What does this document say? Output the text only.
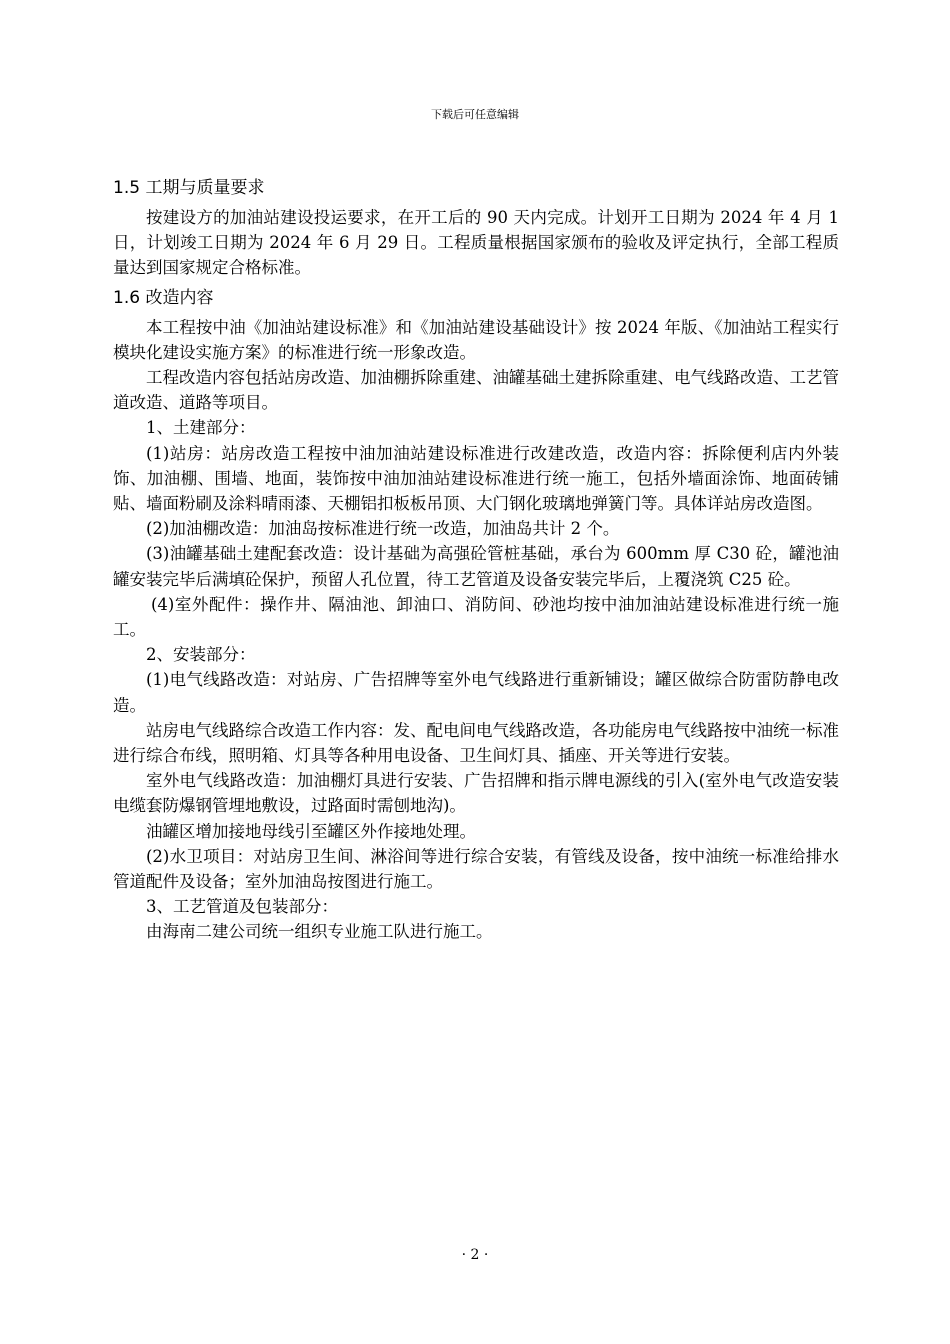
下载后可任意编辑
1.5 工期与质量要求

按建设方的加油站建设投运要求，在开工后的 90 天内完成。计划开工日期为 2024 年 4 月 1 日，计划竣工日期为 2024 年 6 月 29 日。工程质量根据国家颁布的验收及评定执行，全部工程质量达到国家规定合格标准。

1.6 改造内容

本工程按中油《加油站建设标准》和《加油站建设基础设计》按 2024 年版、《加油站工程实行模块化建设实施方案》的标准进行统一形象改造。

工程改造内容包括站房改造、加油棚拆除重建、油罐基础土建拆除重建、电气线路改造、工艺管道改造、道路等项目。

1、土建部分：

(1)站房：站房改造工程按中油加油站建设标准进行改建改造，改造内容：拆除便利店内外装饰、加油棚、围墙、地面，装饰按中油加油站建设标准进行统一施工，包括外墙面涂饰、地面砖铺贴、墙面粉刷及涂料晴雨漆、天棚铝扣板板吊顶、大门钢化玻璃地弹簧门等。具体详站房改造图。

(2)加油棚改造：加油岛按标准进行统一改造，加油岛共计 2 个。

(3)油罐基础土建配套改造：设计基础为高强砼管桩基础，承台为 600mm 厚 C30 砼，罐池油罐安装完毕后满填砼保护，预留人孔位置，待工艺管道及设备安装完毕后，上覆浇筑 C25 砼。

(4)室外配件：操作井、隔油池、卸油口、消防间、砂池均按中油加油站建设标准进行统一施工。

2、安装部分：

(1)电气线路改造：对站房、广告招牌等室外电气线路进行重新铺设；罐区做综合防雷防静电改造。

站房电气线路综合改造工作内容：发、配电间电气线路改造，各功能房电气线路按中油统一标准进行综合布线，照明箱、灯具等各种用电设备、卫生间灯具、插座、开关等进行安装。

室外电气线路改造：加油棚灯具进行安装、广告招牌和指示牌电源线的引入(室外电气改造安装电缆套防爆钢管埋地敷设，过路面时需刨地沟)。

油罐区增加接地母线引至罐区外作接地处理。

(2)水卫项目：对站房卫生间、淋浴间等进行综合安装，有管线及设备，按中油统一标准给排水管道配件及设备；室外加油岛按图进行施工。

3、工艺管道及包装部分：

由海南二建公司统一组织专业施工队进行施工。

· 2 ·
